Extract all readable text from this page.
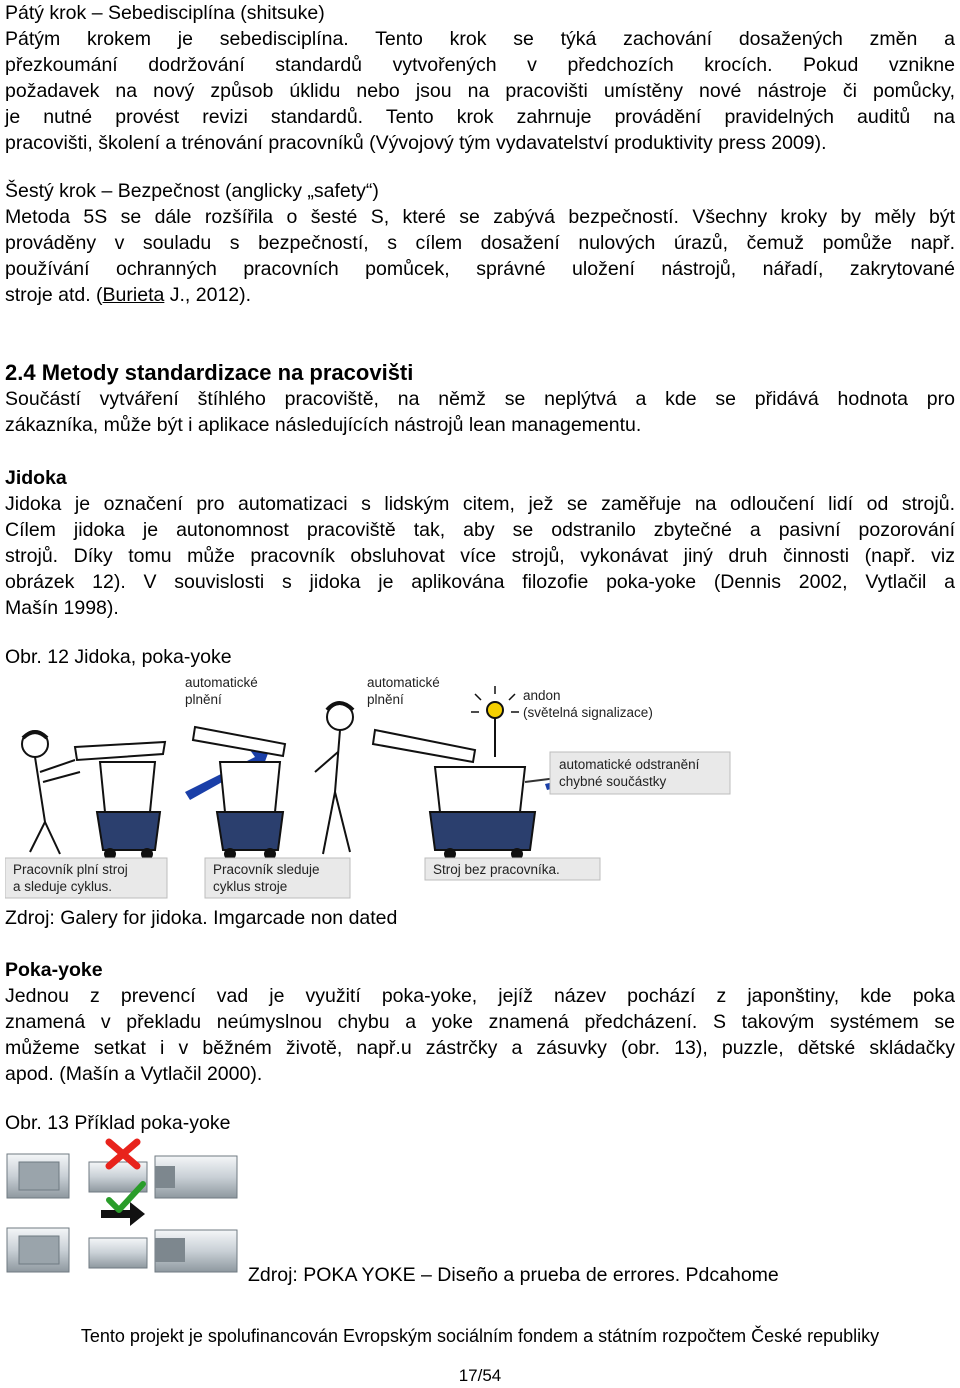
Pátý krok – Sebedisciplína (shitsuke)
Pátým krokem je sebedisciplína. Tento krok se týká zachování dosažených změn a
přezkoumání dodržování standardů vytvořených v předchozích krocích. Pokud vznikne
požadavek na nový způsob úklidu nebo jsou na pracovišti umístěny nové nástroje či pomůcky,
je nutné provést revizi standardů. Tento krok zahrnuje provádění pravidelných auditů na
pracovišti, školení a trénování pracovníků (Vývojový tým vydavatelství produktivity press 2009).
Šestý krok – Bezpečnost (anglicky „safety“)
Metoda 5S se dále rozšířila o šesté S, které se zabývá bezpečností. Všechny kroky by měly být
prováděny v souladu s bezpečností, s cílem dosažení nulových úrazů, čemuž pomůže např.
používání ochranných pracovních pomůcek, správné uložení nástrojů, nářadí, zakrytované
stroje atd. (Burieta J., 2012).
2.4 Metody standardizace na pracovišti
Součástí vytváření štíhlého pracoviště, na němž se neplýtvá a kde se přidává hodnota pro
zákazníka, může být i aplikace následujících nástrojů lean managementu.
Jidoka
Jidoka je označení pro automatizaci s lidským citem, jež se zaměřuje na odloučení lidí od strojů.
Cílem jidoka je autonomnost pracoviště tak, aby se odstranilo zbytečné a pasivní pozorování
strojů. Díky tomu může pracovník obsluhovat více strojů, vykonávat jiný druh činnosti (např. viz
obrázek 12). V souvislosti s jidoka je aplikována filozofie poka-yoke (Dennis 2002, Vytlačil a
Mašín 1998).
Obr. 12 Jidoka, poka-yoke
automatické
plnění
automatické
plnění	andon
(světelná signalizace)
automatické odstranění
chybné součástky
Pracovník plní stroj
a sleduje cyklus.
Pracovník sleduje
cyklus stroje
Stroj bez pracovníka.
Zdroj: Galery for jidoka. Imgarcade non dated
Poka-yoke
Jednou z prevencí vad je využití poka-yoke, jejíž název pochází z japonštiny, kde poka
znamená v překladu neúmyslnou chybu a yoke znamená předcházení. S takovým systémem se
můžeme setkat i v běžném životě, např.u zástrčky a zásuvky (obr. 13), puzzle, dětské skládačky
apod. (Mašín a Vytlačil 2000).
Obr. 13 Příklad poka-yoke
Zdroj: POKA YOKE – Diseño a prueba de errores. Pdcahome
Tento projekt je spolufinancován Evropským sociálním fondem a státním rozpočtem České republiky
17/54
